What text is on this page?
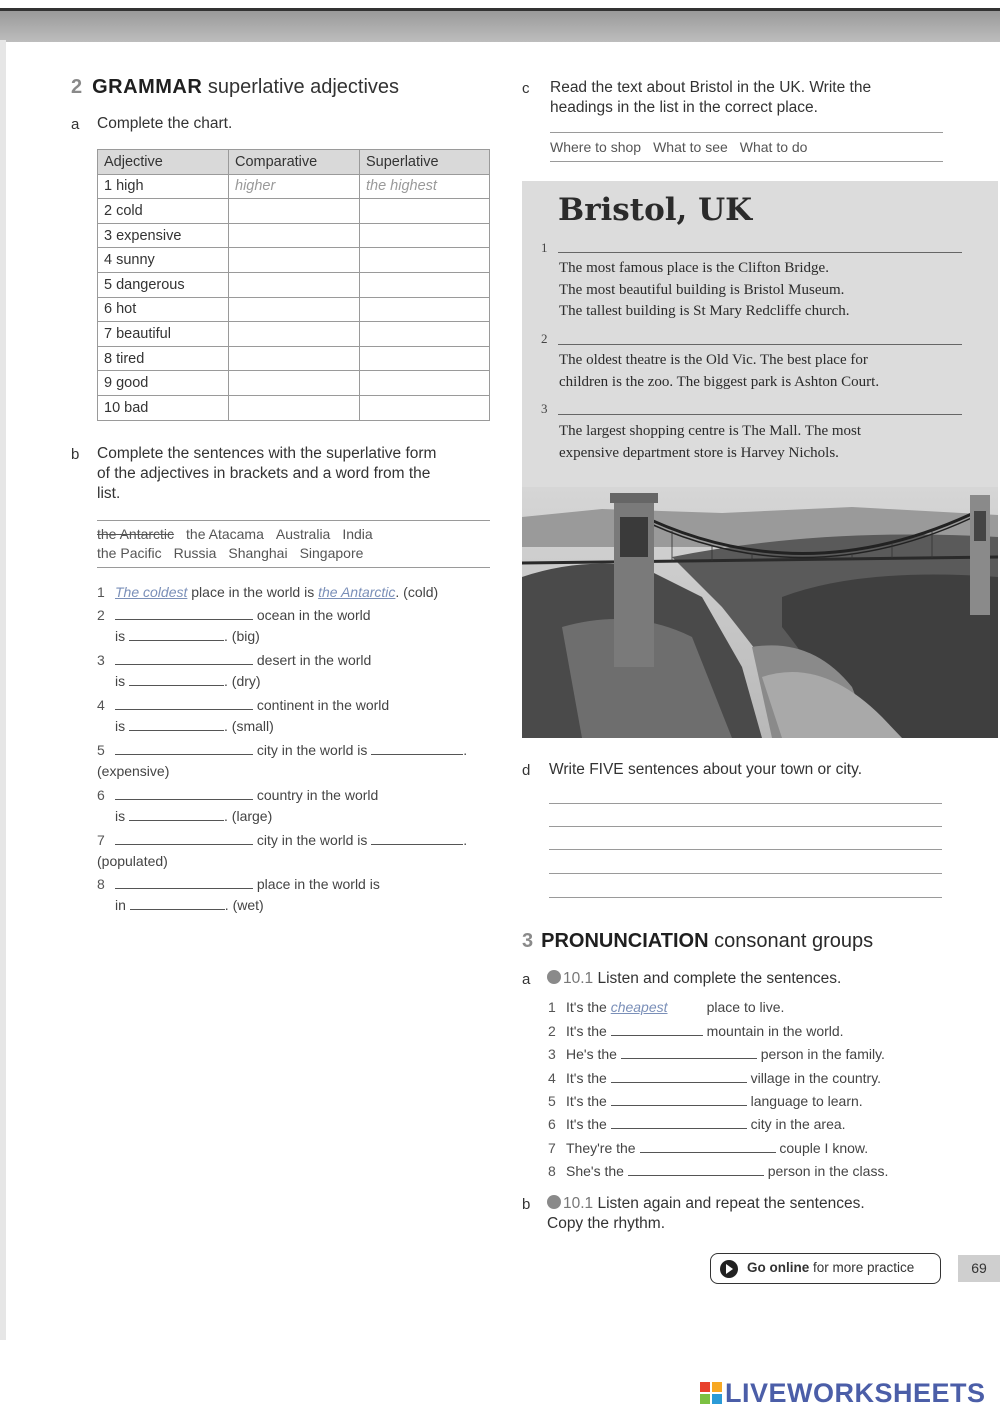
2 GRAMMAR superlative adjectives
a Complete the chart.
Adjective	Comparative	Superlative
1 high	higher	the highest
2 cold		
3 expensive		
4 sunny		
5 dangerous		
6 hot		
7 beautiful		
8 tired		
9 good		
10 bad		
b Complete the sentences with the superlative form
of the adjectives in brackets and a word from the
list.
the Antarctic the Atacama Australia India
the Pacific Russia Shanghai Singapore
1 The coldest place in the world is the Antarctic. (cold)
2	ocean in the world
is	. (big)
3	desert in the world
is	. (dry)
4	continent in the world
is	. (small)
5	city in the world is	.
(expensive)
6	country in the world
is	. (large)
7	city in the world is	.
(populated)
8	place in the world is
in	. (wet)
c Read the text about Bristol in the UK. Write the
headings in the list in the correct place.
Where to shop What to see What to do
Bristol, UK
1
The most famous place is the Clifton Bridge.
The most beautiful building is Bristol Museum.
The tallest building is St Mary Redcliffe church.
2
The oldest theatre is the Old Vic. The best place for
children is the zoo. The biggest park is Ashton Court.
3
The largest shopping centre is The Mall. The most
expensive department store is Harvey Nichols.
d Write FIVE sentences about your town or city.
3 PRONUNCIATION consonant groups
a	10.1 Listen and complete the sentences.
1 It's the cheapest	place to live.
2 It's the	mountain in the world.
3 He's the	person in the family.
4 It's the	village in the country.
5 It's the	language to learn.
6 It's the	city in the area.
7 They're the	couple I know.
8 She's the	person in the class.
b	10.1 Listen again and repeat the sentences.
Copy the rhythm.
Go online for more practice	69
LIVEWORKSHEETS
